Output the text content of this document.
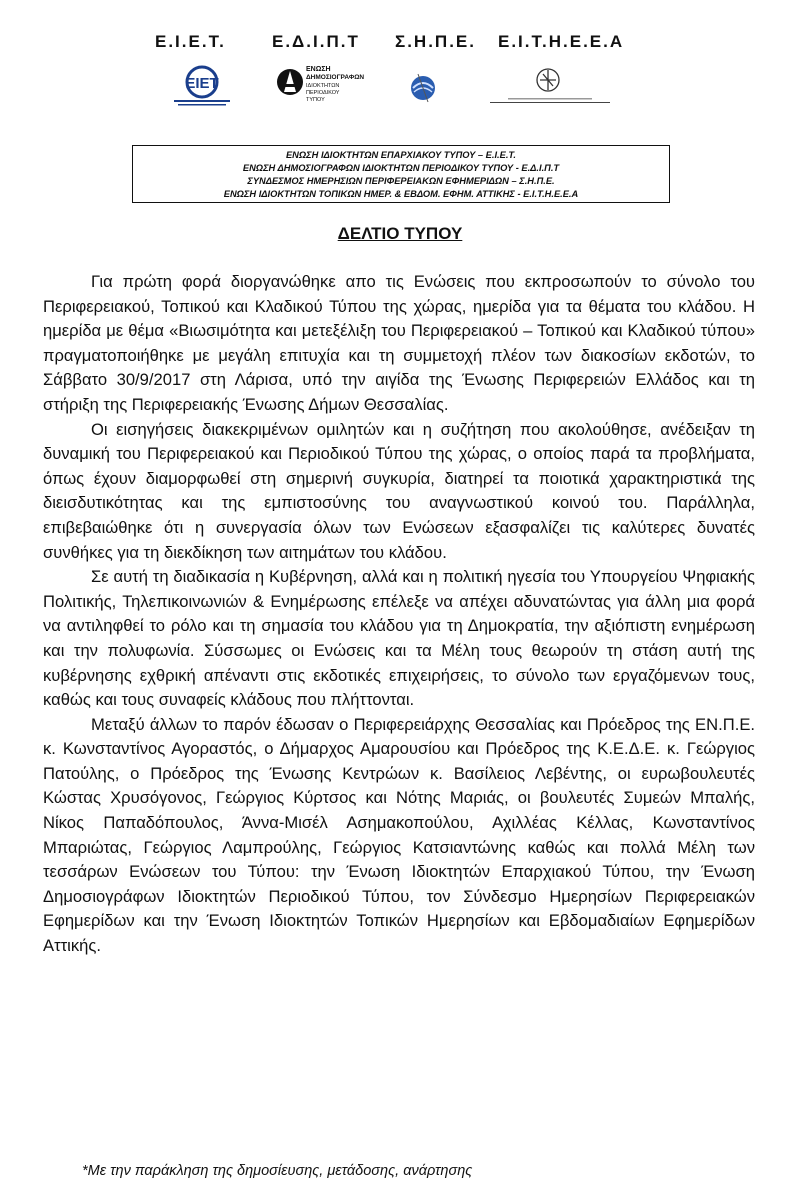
Ε.Ι.Ε.Τ.	Ε.Δ.Ι.Π.Τ Σ.Η.Π.Ε. Ε.Ι.Τ.Η.Ε.Ε.Α
ΕΙΕΤ
ΕΝΩΣΗ
ΔΗΜΟΣΙΟΓΡΑΦΩΝ
ΙΔΙΟΚΤΗΤΩΝ
ΠΕΡΙΟΔΙΚΟΥ
ΤΥΠΟΥ
ΕΝΩΣΗ ΙΔΙΟΚΤΗΤΩΝ ΕΠΑΡΧΙΑΚΟΥ ΤΥΠΟΥ – Ε.Ι.Ε.Τ.
ΕΝΩΣΗ ΔΗΜΟΣΙΟΓΡΑΦΩΝ ΙΔΙΟΚΤΗΤΩΝ ΠΕΡΙΟΔΙΚΟΥ ΤΥΠΟΥ - Ε.Δ.Ι.Π.Τ
ΣΥΝΔΕΣΜΟΣ ΗΜΕΡΗΣΙΩΝ ΠΕΡΙΦΕΡΕΙΑΚΩΝ ΕΦΗΜΕΡΙΔΩΝ – Σ.Η.Π.Ε.
ΕΝΩΣΗ ΙΔΙΟΚΤΗΤΩΝ ΤΟΠΙΚΩΝ ΗΜΕΡ. & ΕΒΔΟΜ. ΕΦΗΜ. ΑΤΤΙΚΗΣ - Ε.Ι.Τ.Η.Ε.Ε.Α
ΔΕΛΤΙΟ ΤΥΠΟΥ

Για πρώτη φορά διοργανώθηκε απο τις Ενώσεις που εκπροσωπούν το σύνολο του Περιφερειακού, Τοπικού και Κλαδικού Τύπου της χώρας, ημερίδα για τα θέματα του κλάδου. Η ημερίδα με θέμα «Βιωσιμότητα και μετεξέλιξη του Περιφερειακού – Τοπικού και Κλαδικού τύπου» πραγματοποιήθηκε με μεγάλη επιτυχία και τη συμμετοχή πλέον των διακοσίων εκδοτών, το Σάββατο 30/9/2017 στη Λάρισα, υπό την αιγίδα της Ένωσης Περιφερειών Ελλάδος και τη στήριξη της Περιφερειακής Ένωσης Δήμων Θεσσαλίας.

Οι εισηγήσεις διακεκριμένων ομιλητών και η συζήτηση που ακολούθησε, ανέδειξαν τη δυναμική του Περιφερειακού και Περιοδικού Τύπου της χώρας, ο οποίος παρά τα προβλήματα, όπως έχουν διαμορφωθεί στη σημερινή συγκυρία, διατηρεί τα ποιοτικά χαρακτηριστικά της διεισδυτικότητας και της εμπιστοσύνης του αναγνωστικού κοινού του. Παράλληλα, επιβεβαιώθηκε ότι η συνεργασία όλων των Ενώσεων εξασφαλίζει τις καλύτερες δυνατές συνθήκες για τη διεκδίκηση των αιτημάτων του κλάδου.

Σε αυτή τη διαδικασία η Κυβέρνηση, αλλά και η πολιτική ηγεσία του Υπουργείου Ψηφιακής Πολιτικής, Τηλεπικοινωνιών & Ενημέρωσης επέλεξε να απέχει αδυνατώντας για άλλη μια φορά να αντιληφθεί το ρόλο και τη σημασία του κλάδου για τη Δημοκρατία, την αξιόπιστη ενημέρωση και την πολυφωνία. Σύσσωμες οι Ενώσεις και τα Μέλη τους θεωρούν τη στάση αυτή της κυβέρνησης εχθρική απέναντι στις εκδοτικές επιχειρήσεις, το σύνολο των εργαζόμενων τους, καθώς και τους συναφείς κλάδους που πλήττονται.

Μεταξύ άλλων το παρόν έδωσαν ο Περιφερειάρχης Θεσσαλίας και Πρόεδρος της ΕΝ.Π.Ε. κ. Κωνσταντίνος Αγοραστός, ο Δήμαρχος Αμαρουσίου και Πρόεδρος της Κ.Ε.Δ.Ε. κ. Γεώργιος Πατούλης, ο Πρόεδρος της Ένωσης Κεντρώων κ. Βασίλειος Λεβέντης, οι ευρωβουλευτές Κώστας Χρυσόγονος, Γεώργιος Κύρτσος και Νότης Μαριάς, οι βουλευτές Συμεών Μπαλής, Νίκος Παπαδόπουλος, Άννα-Μισέλ Ασημακοπούλου, Αχιλλέας Κέλλας, Κωνσταντίνος Μπαριώτας, Γεώργιος Λαμπρούλης, Γεώργιος Κατσιαντώνης καθώς και πολλά Μέλη των τεσσάρων Ενώσεων του Τύπου: την Ένωση Ιδιοκτητών Επαρχιακού Τύπου, την Ένωση Δημοσιογράφων Ιδιοκτητών Περιοδικού Τύπου, τον Σύνδεσμο Ημερησίων Περιφερειακών Εφημερίδων και την Ένωση Ιδιοκτητών Τοπικών Ημερησίων και Εβδομαδιαίων Εφημερίδων Αττικής.

*Με την παράκληση της δημοσίευσης, μετάδοσης, ανάρτησης
